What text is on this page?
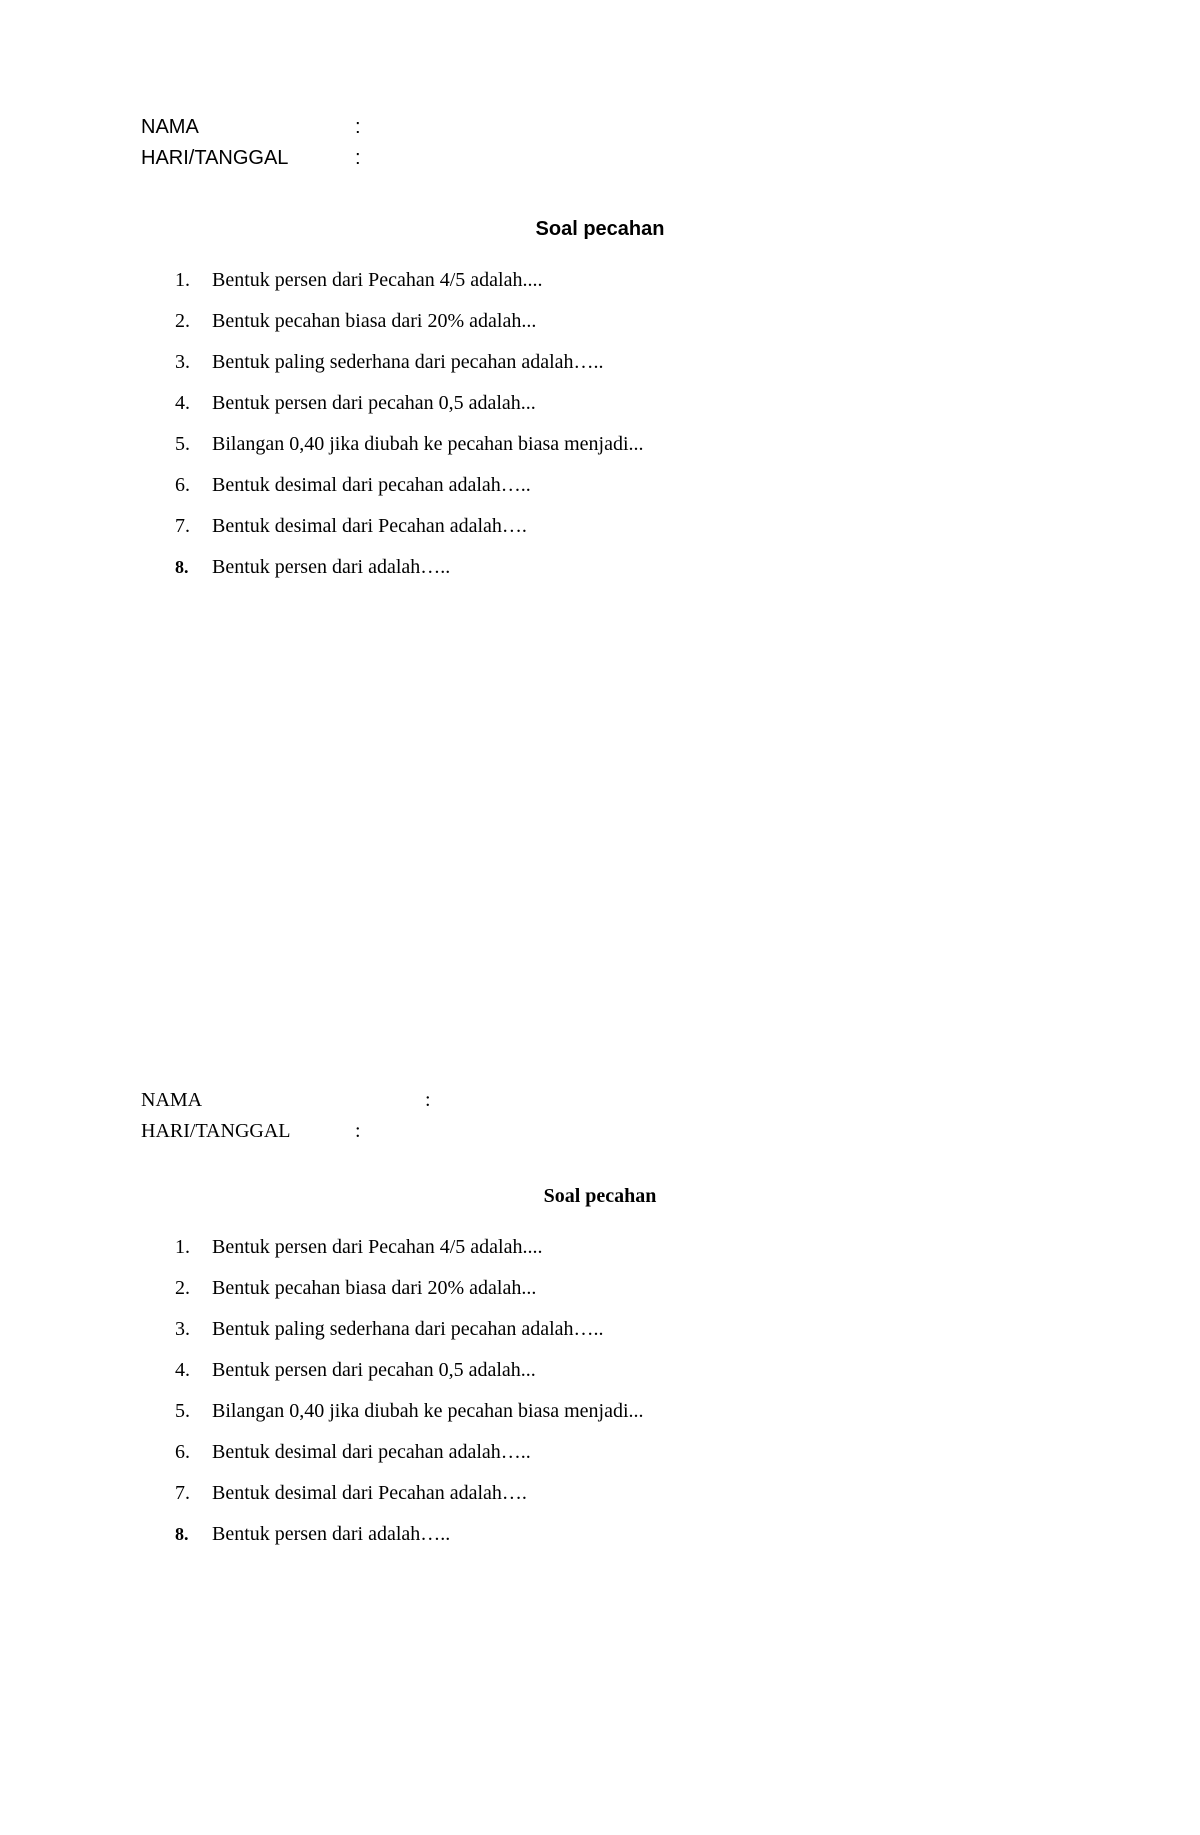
NAMA	:
HARI/TANGGAL	:
Soal pecahan
1. Bentuk persen dari Pecahan 4/5 adalah....
2. Bentuk pecahan biasa dari 20% adalah...
3. Bentuk paling sederhana dari pecahan adalah…..
4. Bentuk persen dari pecahan 0,5 adalah...
5. Bilangan 0,40 jika diubah ke pecahan biasa menjadi...
6. Bentuk desimal dari pecahan adalah…..
7. Bentuk desimal dari Pecahan adalah….
8. Bentuk persen dari adalah…..
NAMA	:
HARI/TANGGAL	:
Soal pecahan
1. Bentuk persen dari Pecahan 4/5 adalah....
2. Bentuk pecahan biasa dari 20% adalah...
3. Bentuk paling sederhana dari pecahan adalah…..
4. Bentuk persen dari pecahan 0,5 adalah...
5. Bilangan 0,40 jika diubah ke pecahan biasa menjadi...
6. Bentuk desimal dari pecahan adalah…..
7. Bentuk desimal dari Pecahan adalah….
8. Bentuk persen dari adalah…..
